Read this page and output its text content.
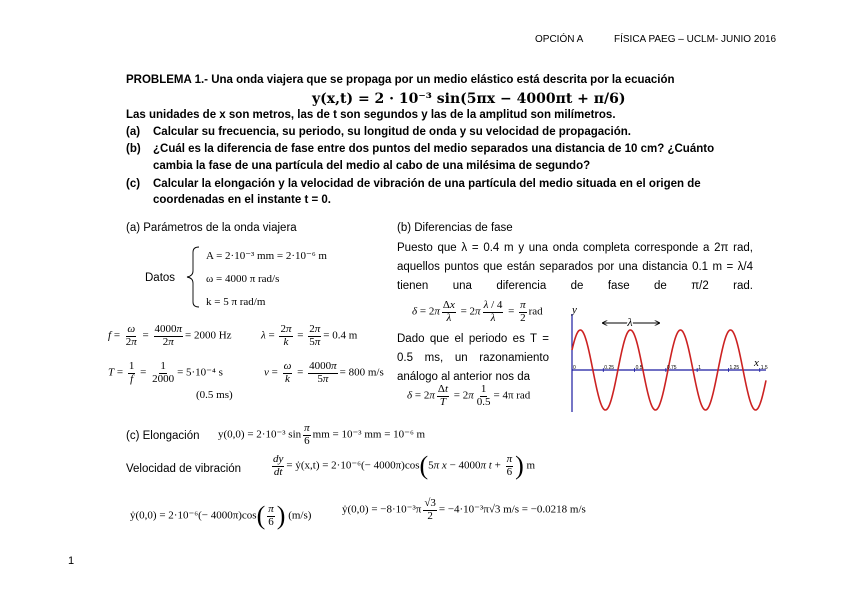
OPCIÓN A	FÍSICA PAEG – UCLM- JUNIO 2016
PROBLEMA 1.- Una onda viajera que se propaga por un medio elástico está descrita por la ecuación
y(x,t) = 2 · 10⁻³ sin(5πx − 4000πt + π/6)
Las unidades de x son metros, las de t son segundos y las de la amplitud son milímetros.
(a) Calcular su frecuencia, su periodo, su longitud de onda y su velocidad de propagación.
(b) ¿Cuál es la diferencia de fase entre dos puntos del medio separados una distancia de 10 cm? ¿Cuánto
cambia la fase de una partícula del medio al cabo de una milésima de segundo?
(c) Calcular la elongación y la velocidad de vibración de una partícula del medio situada en el origen de
coordenadas en el instante t = 0.
(a) Parámetros de la onda viajera
Datos
A = 2·10⁻³ mm = 2·10⁻⁶ m
ω = 4000 π rad/s
k = 5 π rad/m
$f = \frac{\omega}{2\pi} = \frac{4000\pi}{2\pi} = 2000$ Hz	$\lambda = \frac{2\pi}{k} = \frac{2\pi}{5\pi} = 0.4$ m
$T = \frac{1}{f} = \frac{1}{2000} = 5\cdot 10^{-4}$ s
(0.5 ms)
$v = \frac{\omega}{k} = \frac{4000\pi}{5\pi} = 800$ m/s
(b) Diferencias de fase
Puesto que λ = 0.4 m y una onda completa corresponde a 2π rad, aquellos puntos que están separados por una distancia 0.1 m = λ/4 tienen una diferencia de fase de π/2 rad.
$\delta = 2\pi \frac{\Delta x}{\lambda} = 2\pi \frac{\lambda / 4}{\lambda} = \frac{\pi}{2}$ rad
Dado que el periodo es T = 0.5 ms, un razonamiento análogo al anterior nos da
$\delta = 2\pi \frac{\Delta t}{T} = 2\pi \frac{1}{0.5} = 4\pi$ rad
λ
y
x
0	0.25	0.5	0.75	1	1.25	1.5
(c) Elongación y(0,0) = 2·10⁻³ $\sin \frac{\pi}{6}$ mm = 10⁻³ mm = 10⁻⁶ m
Velocidad de vibración	$\frac{dy}{dt}$ = ẏ(x,t) = 2·10⁻⁶(− 4000π)cos(5π x − 4000π $t + \frac{\pi}{6}$ ) m
ẏ(0,0) = $2\cdot 10^{-6}(- 4000\pi)\cos( \frac{\pi}{6}$ ) (m/s)	ẏ(0,0) = $-8\cdot 10^{-3}\pi \frac{√3}{2} = -4\cdot 10^{-3}\pi√3$ m/s = −0.0218 m/s
1
